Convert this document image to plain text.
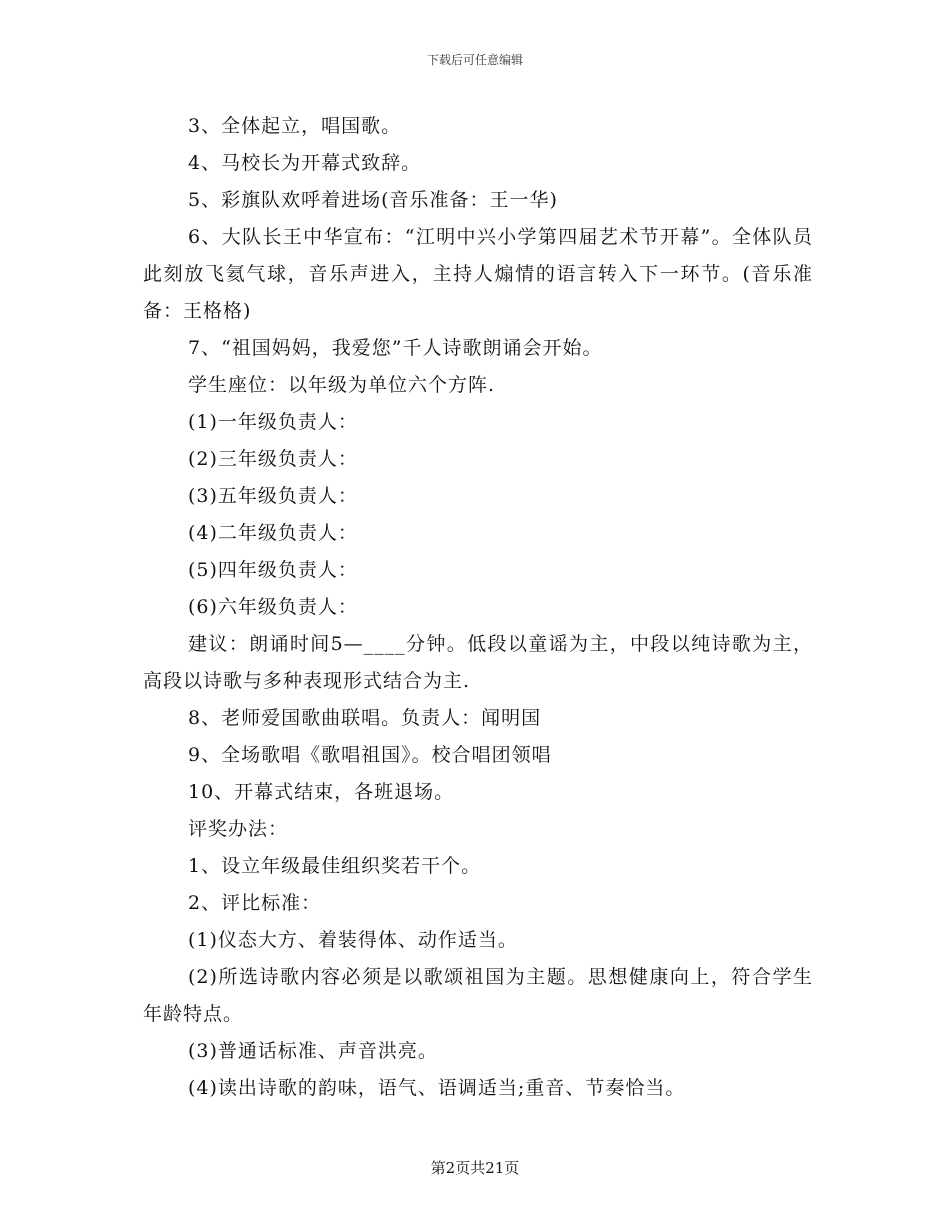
下载后可任意编辑

3、全体起立，唱国歌。

4、马校长为开幕式致辞。

5、彩旗队欢呼着进场(音乐准备：王一华)

6、大队长王中华宣布：“江明中兴小学第四届艺术节开幕”。全体队员此刻放飞氦气球，音乐声进入，主持人煽情的语言转入下一环节。(音乐准备：王格格)

7、“祖国妈妈，我爱您”千人诗歌朗诵会开始。

学生座位：以年级为单位六个方阵.

(1)一年级负责人：

(2)三年级负责人：

(3)五年级负责人：

(4)二年级负责人：

(5)四年级负责人：

(6)六年级负责人：

建议：朗诵时间5—____分钟。低段以童谣为主，中段以纯诗歌为主，高段以诗歌与多种表现形式结合为主.

8、老师爱国歌曲联唱。负责人：闻明国

9、全场歌唱《歌唱祖国》。校合唱团领唱

10、开幕式结束，各班退场。

评奖办法：

1、设立年级最佳组织奖若干个。

2、评比标准：

(1)仪态大方、着装得体、动作适当。

(2)所选诗歌内容必须是以歌颂祖国为主题。思想健康向上，符合学生年龄特点。

(3)普通话标准、声音洪亮。

(4)读出诗歌的韵味，语气、语调适当;重音、节奏恰当。

第2页共21页
